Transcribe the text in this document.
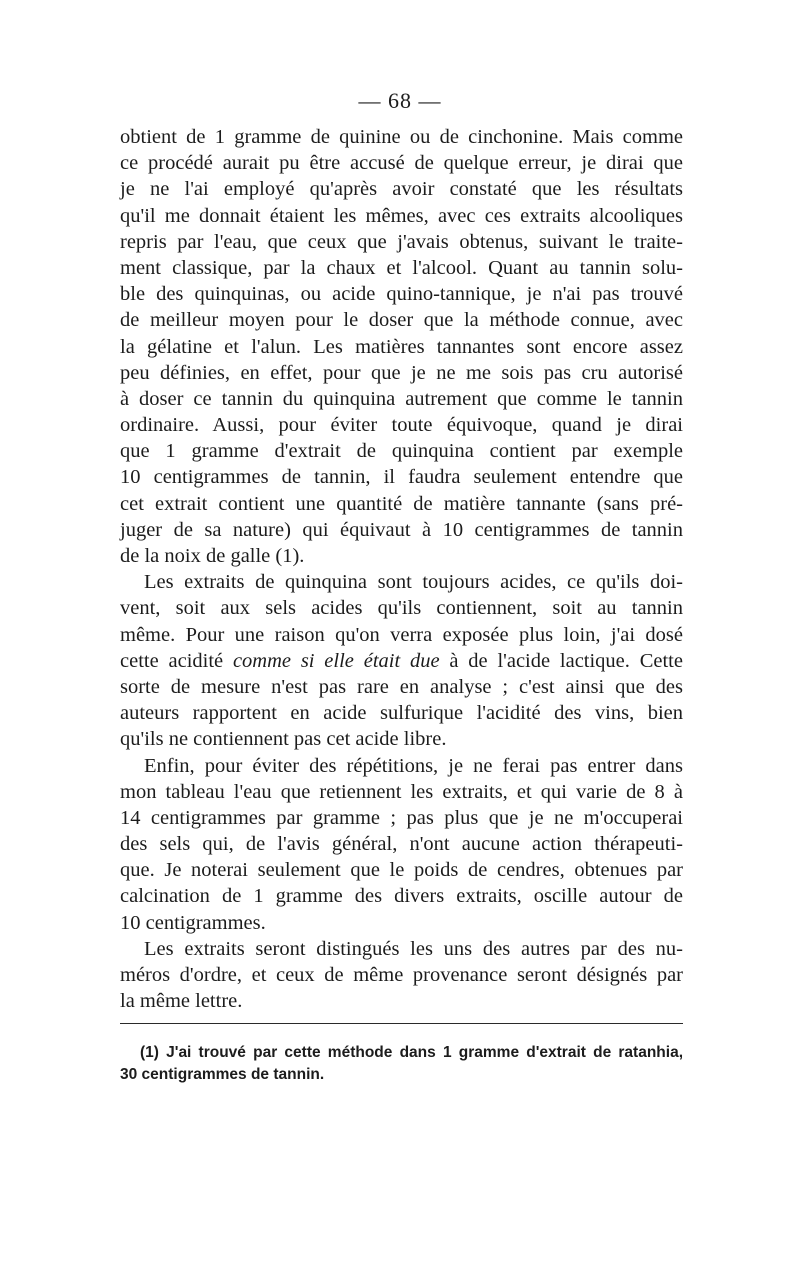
— 68 —
obtient de 1 gramme de quinine ou de cinchonine. Mais comme
ce procédé aurait pu être accusé de quelque erreur, je dirai que
je ne l'ai employé qu'après avoir constaté que les résultats
qu'il me donnait étaient les mêmes, avec ces extraits alcooliques
repris par l'eau, que ceux que j'avais obtenus, suivant le traite-
ment classique, par la chaux et l'alcool. Quant au tannin solu-
ble des quinquinas, ou acide quino-tannique, je n'ai pas trouvé
de meilleur moyen pour le doser que la méthode connue, avec
la gélatine et l'alun. Les matières tannantes sont encore assez
peu définies, en effet, pour que je ne me sois pas cru autorisé
à doser ce tannin du quinquina autrement que comme le tannin
ordinaire. Aussi, pour éviter toute équivoque, quand je dirai
que 1 gramme d'extrait de quinquina contient par exemple
10 centigrammes de tannin, il faudra seulement entendre que
cet extrait contient une quantité de matière tannante (sans pré-
juger de sa nature) qui équivaut à 10 centigrammes de tannin
de la noix de galle (1).
Les extraits de quinquina sont toujours acides, ce qu'ils doi-
vent, soit aux sels acides qu'ils contiennent, soit au tannin
même. Pour une raison qu'on verra exposée plus loin, j'ai dosé
cette acidité comme si elle était due à de l'acide lactique. Cette
sorte de mesure n'est pas rare en analyse ; c'est ainsi que des
auteurs rapportent en acide sulfurique l'acidité des vins, bien
qu'ils ne contiennent pas cet acide libre.
Enfin, pour éviter des répétitions, je ne ferai pas entrer dans
mon tableau l'eau que retiennent les extraits, et qui varie de 8 à
14 centigrammes par gramme ; pas plus que je ne m'occuperai
des sels qui, de l'avis général, n'ont aucune action thérapeuti-
que. Je noterai seulement que le poids de cendres, obtenues par
calcination de 1 gramme des divers extraits, oscille autour de
10 centigrammes.
Les extraits seront distingués les uns des autres par des nu-
méros d'ordre, et ceux de même provenance seront désignés par
la même lettre.
(1) J'ai trouvé par cette méthode dans 1 gramme d'extrait de ratanhia,
30 centigrammes de tannin.
